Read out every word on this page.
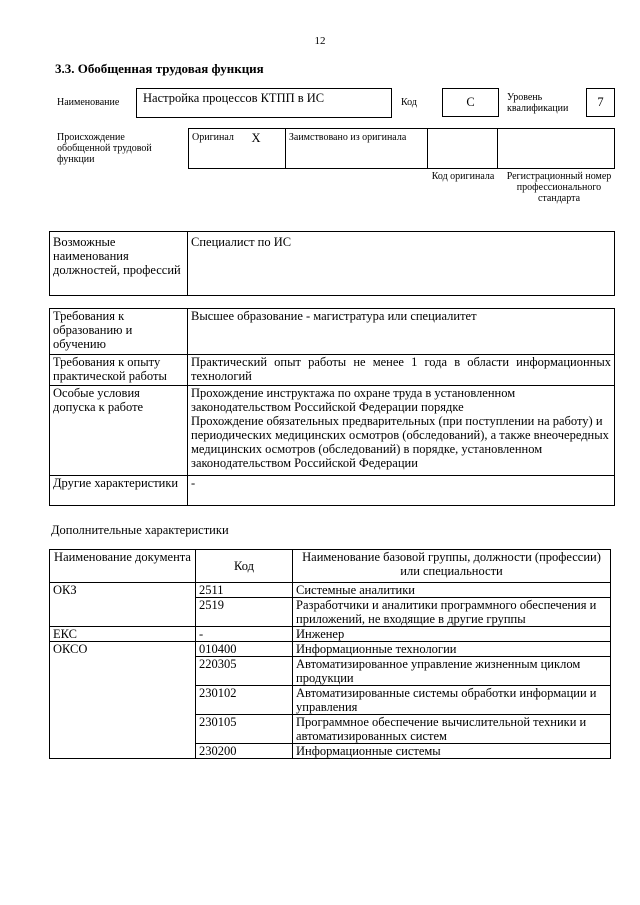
12
3.3. Обобщенная трудовая функция
Наименование	Настройка процессов КТПП в ИС	Код	C	Уровень
квалификации	7
Происхождение обобщенной трудовой функции
Оригинал	X	Заимствовано из оригинала		
Код оригинала	Регистрационный номер профессионального стандарта
Возможные наименования должностей, профессий	Специалист по ИС
Требования к образованию и обучению	Высшее образование - магистратура или специалитет
Требования к опыту практической работы	Практический опыт работы не менее 1 года в области информационных технологий
Особые условия допуска к работе	Прохождение инструктажа по охране труда в установленном законодательством Российской Федерации порядке
Прохождение обязательных предварительных (при поступлении на работу) и периодических медицинских осмотров (обследований), а также внеочередных медицинских осмотров (обследований) в порядке, установленном законодательством Российской Федерации

Другие характеристики	-
Дополнительные характеристики
Наименование документа	Код	Наименование базовой группы, должности (профессии) или специальности
ОКЗ	2511	Системные аналитики
	2519	Разработчики и аналитики программного обеспечения и приложений, не входящие в другие группы
ЕКС	-	Инженер
ОКСО	010400	Информационные технологии
	220305	Автоматизированное управление жизненным циклом продукции
	230102	Автоматизированные системы обработки информации и управления
	230105	Программное обеспечение вычислительной техники и автоматизированных систем
	230200	Информационные системы
